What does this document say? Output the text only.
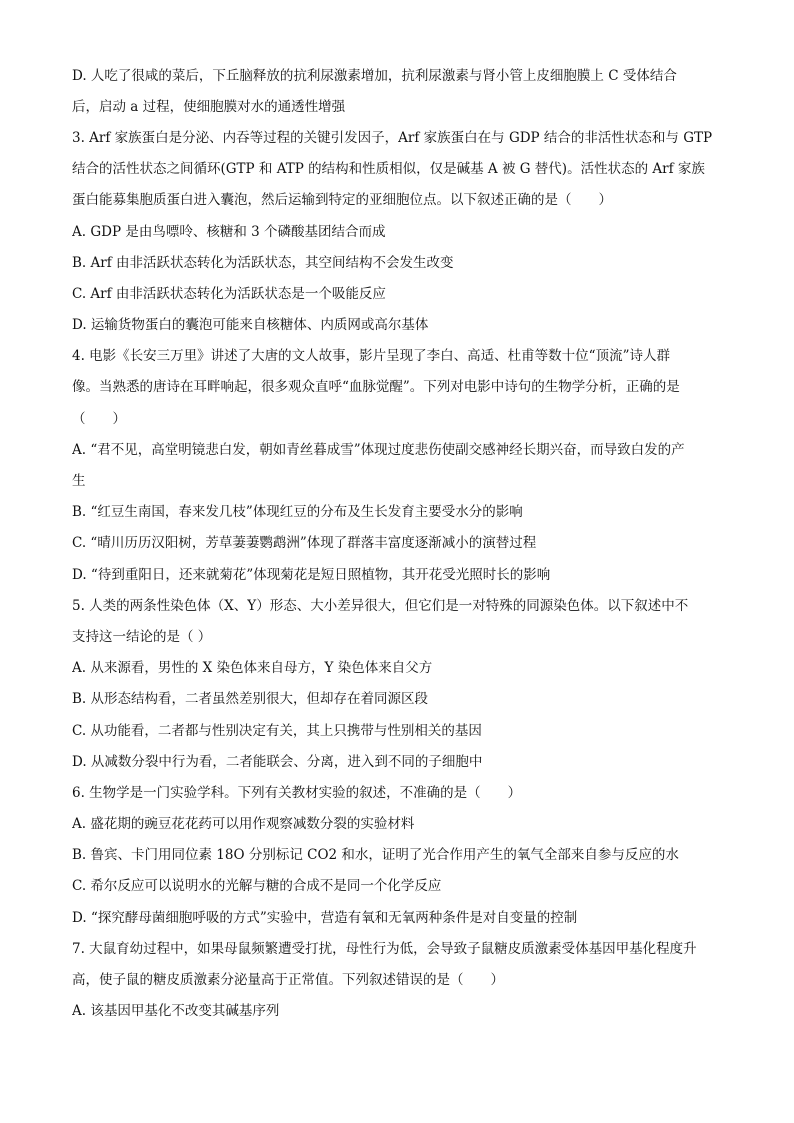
D. 人吃了很咸的菜后，下丘脑释放的抗利尿激素增加，抗利尿激素与肾小管上皮细胞膜上 C 受体结合
后，启动 a 过程，使细胞膜对水的通透性增强
3. Arf 家族蛋白是分泌、内吞等过程的关键引发因子，Arf 家族蛋白在与 GDP 结合的非活性状态和与 GTP
结合的活性状态之间循环(GTP 和 ATP 的结构和性质相似，仅是碱基 A 被 G 替代)。活性状态的 Arf 家族
蛋白能募集胞质蛋白进入囊泡，然后运输到特定的亚细胞位点。以下叙述正确的是（　　）
A. GDP 是由鸟嘌呤、核糖和 3 个磷酸基团结合而成
B. Arf 由非活跃状态转化为活跃状态，其空间结构不会发生改变
C. Arf 由非活跃状态转化为活跃状态是一个吸能反应
D. 运输货物蛋白的囊泡可能来自核糖体、内质网或高尔基体
4. 电影《长安三万里》讲述了大唐的文人故事，影片呈现了李白、高适、杜甫等数十位“顶流”诗人群
像。当熟悉的唐诗在耳畔响起，很多观众直呼“血脉觉醒”。下列对电影中诗句的生物学分析，正确的是
（　　）
A. “君不见，高堂明镜悲白发，朝如青丝暮成雪”体现过度悲伤使副交感神经长期兴奋，而导致白发的产
生
B. “红豆生南国，春来发几枝”体现红豆的分布及生长发育主要受水分的影响
C. “晴川历历汉阳树，芳草萋萋鹦鹉洲”体现了群落丰富度逐渐减小的演替过程
D. “待到重阳日，还来就菊花”体现菊花是短日照植物，其开花受光照时长的影响
5. 人类的两条性染色体（X、Y）形态、大小差异很大，但它们是一对特殊的同源染色体。以下叙述中不
支持这一结论的是（ ）
A. 从来源看，男性的 X 染色体来自母方，Y 染色体来自父方
B. 从形态结构看，二者虽然差别很大，但却存在着同源区段
C. 从功能看，二者都与性别决定有关，其上只携带与性别相关的基因
D. 从减数分裂中行为看，二者能联会、分离，进入到不同的子细胞中
6. 生物学是一门实验学科。下列有关教材实验的叙述，不准确的是（　　）
A. 盛花期的豌豆花花药可以用作观察减数分裂的实验材料
B. 鲁宾、卡门用同位素 18O 分别标记 CO2 和水，证明了光合作用产生的氧气全部来自参与反应的水
C. 希尔反应可以说明水的光解与糖的合成不是同一个化学反应
D. “探究酵母菌细胞呼吸的方式”实验中，营造有氧和无氧两种条件是对自变量的控制
7. 大鼠育幼过程中，如果母鼠频繁遭受打扰，母性行为低，会导致子鼠糖皮质激素受体基因甲基化程度升
高，使子鼠的糖皮质激素分泌量高于正常值。下列叙述错误的是（　　）
A. 该基因甲基化不改变其碱基序列
